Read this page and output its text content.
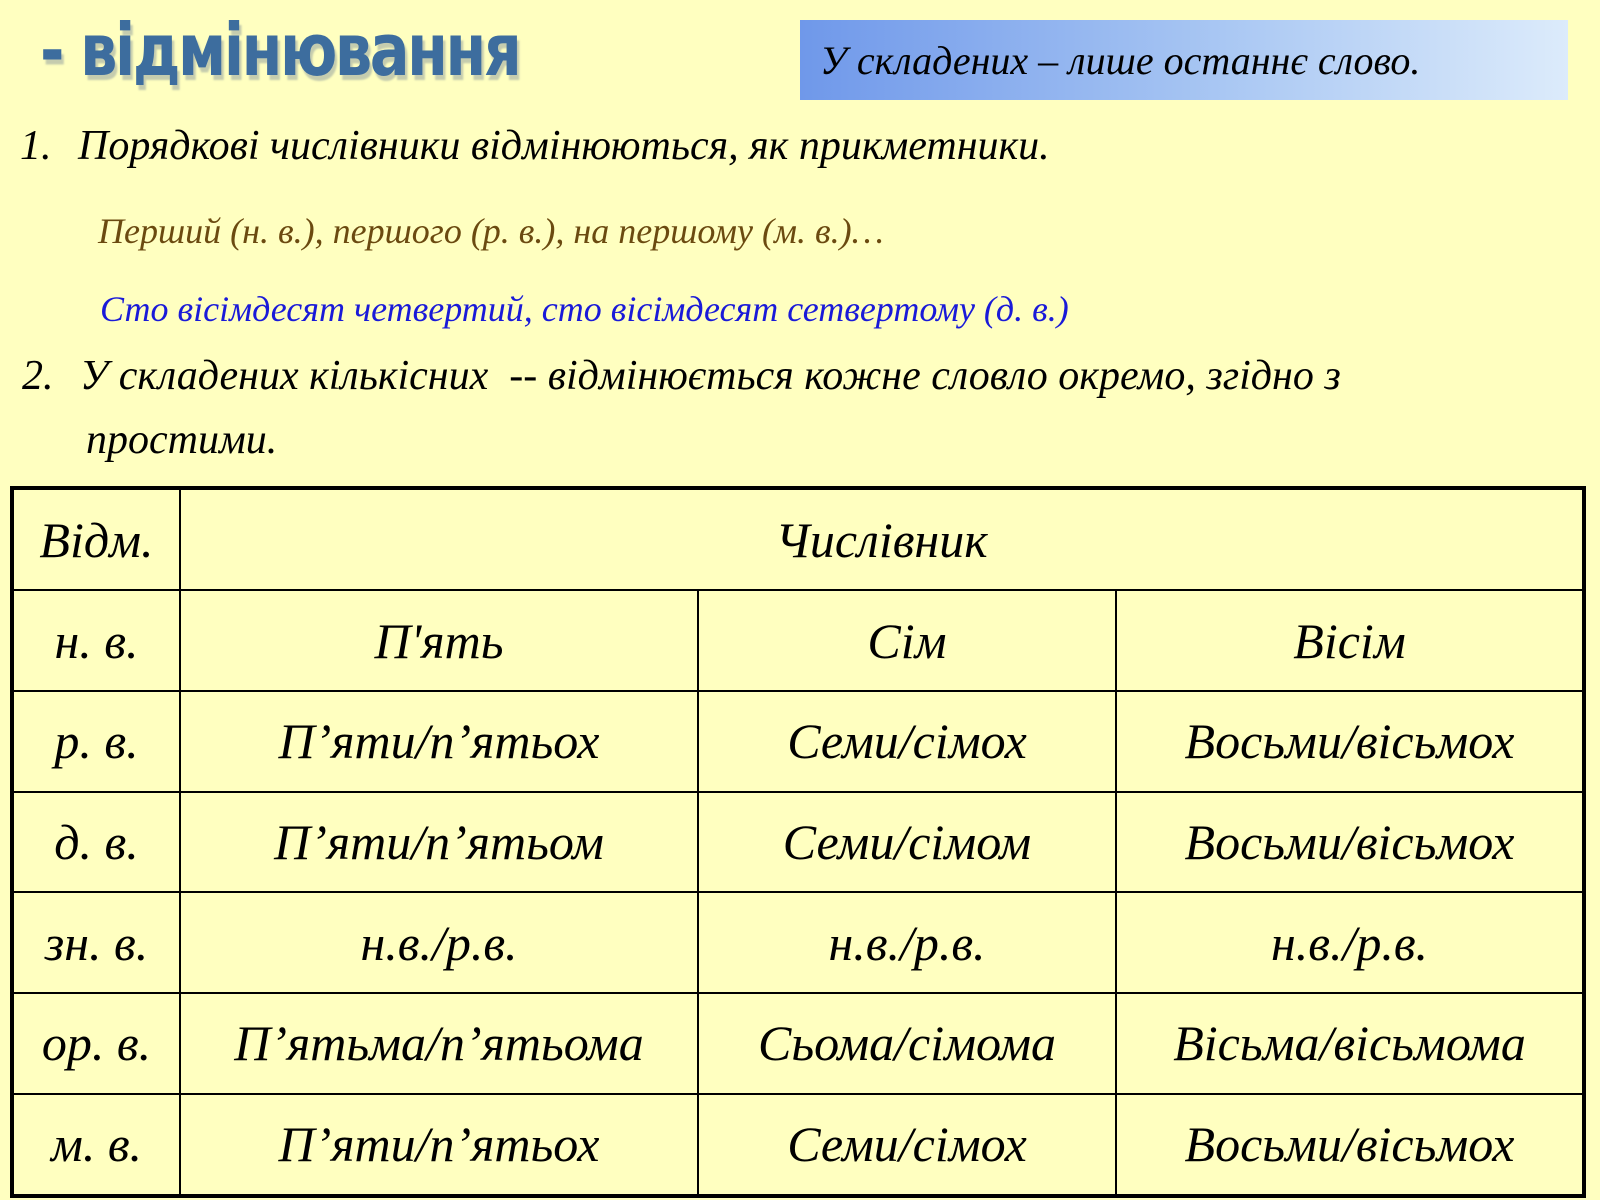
- відмінювання	У складених – лише останнє слово.
1. Порядкові числівники відмінюються, як прикметники.
Перший (н. в.), першого (р. в.), на першому (м. в.)…
Сто вісімдесят четвертий, сто вісімдесят сетвертому (д. в.)
2. У складених кількісних  -- відмінюється кожне словло окремо, згідно з
простими.
Відм.	Числівник		
н. в.	П'ять	Сім	Вісім
р. в.	П’яти/п’ятьох	Семи/сімох	Восьми/вісьмох
д. в.	П’яти/п’ятьом	Семи/сімом	Восьми/вісьмох
зн. в.	н.в./р.в.	н.в./р.в.	н.в./р.в.
ор. в.	П’ятьма/п’ятьома	Сьома/сімома	Вісьма/вісьмома
м. в.	П’яти/п’ятьох	Семи/сімох	Восьми/вісьмох
